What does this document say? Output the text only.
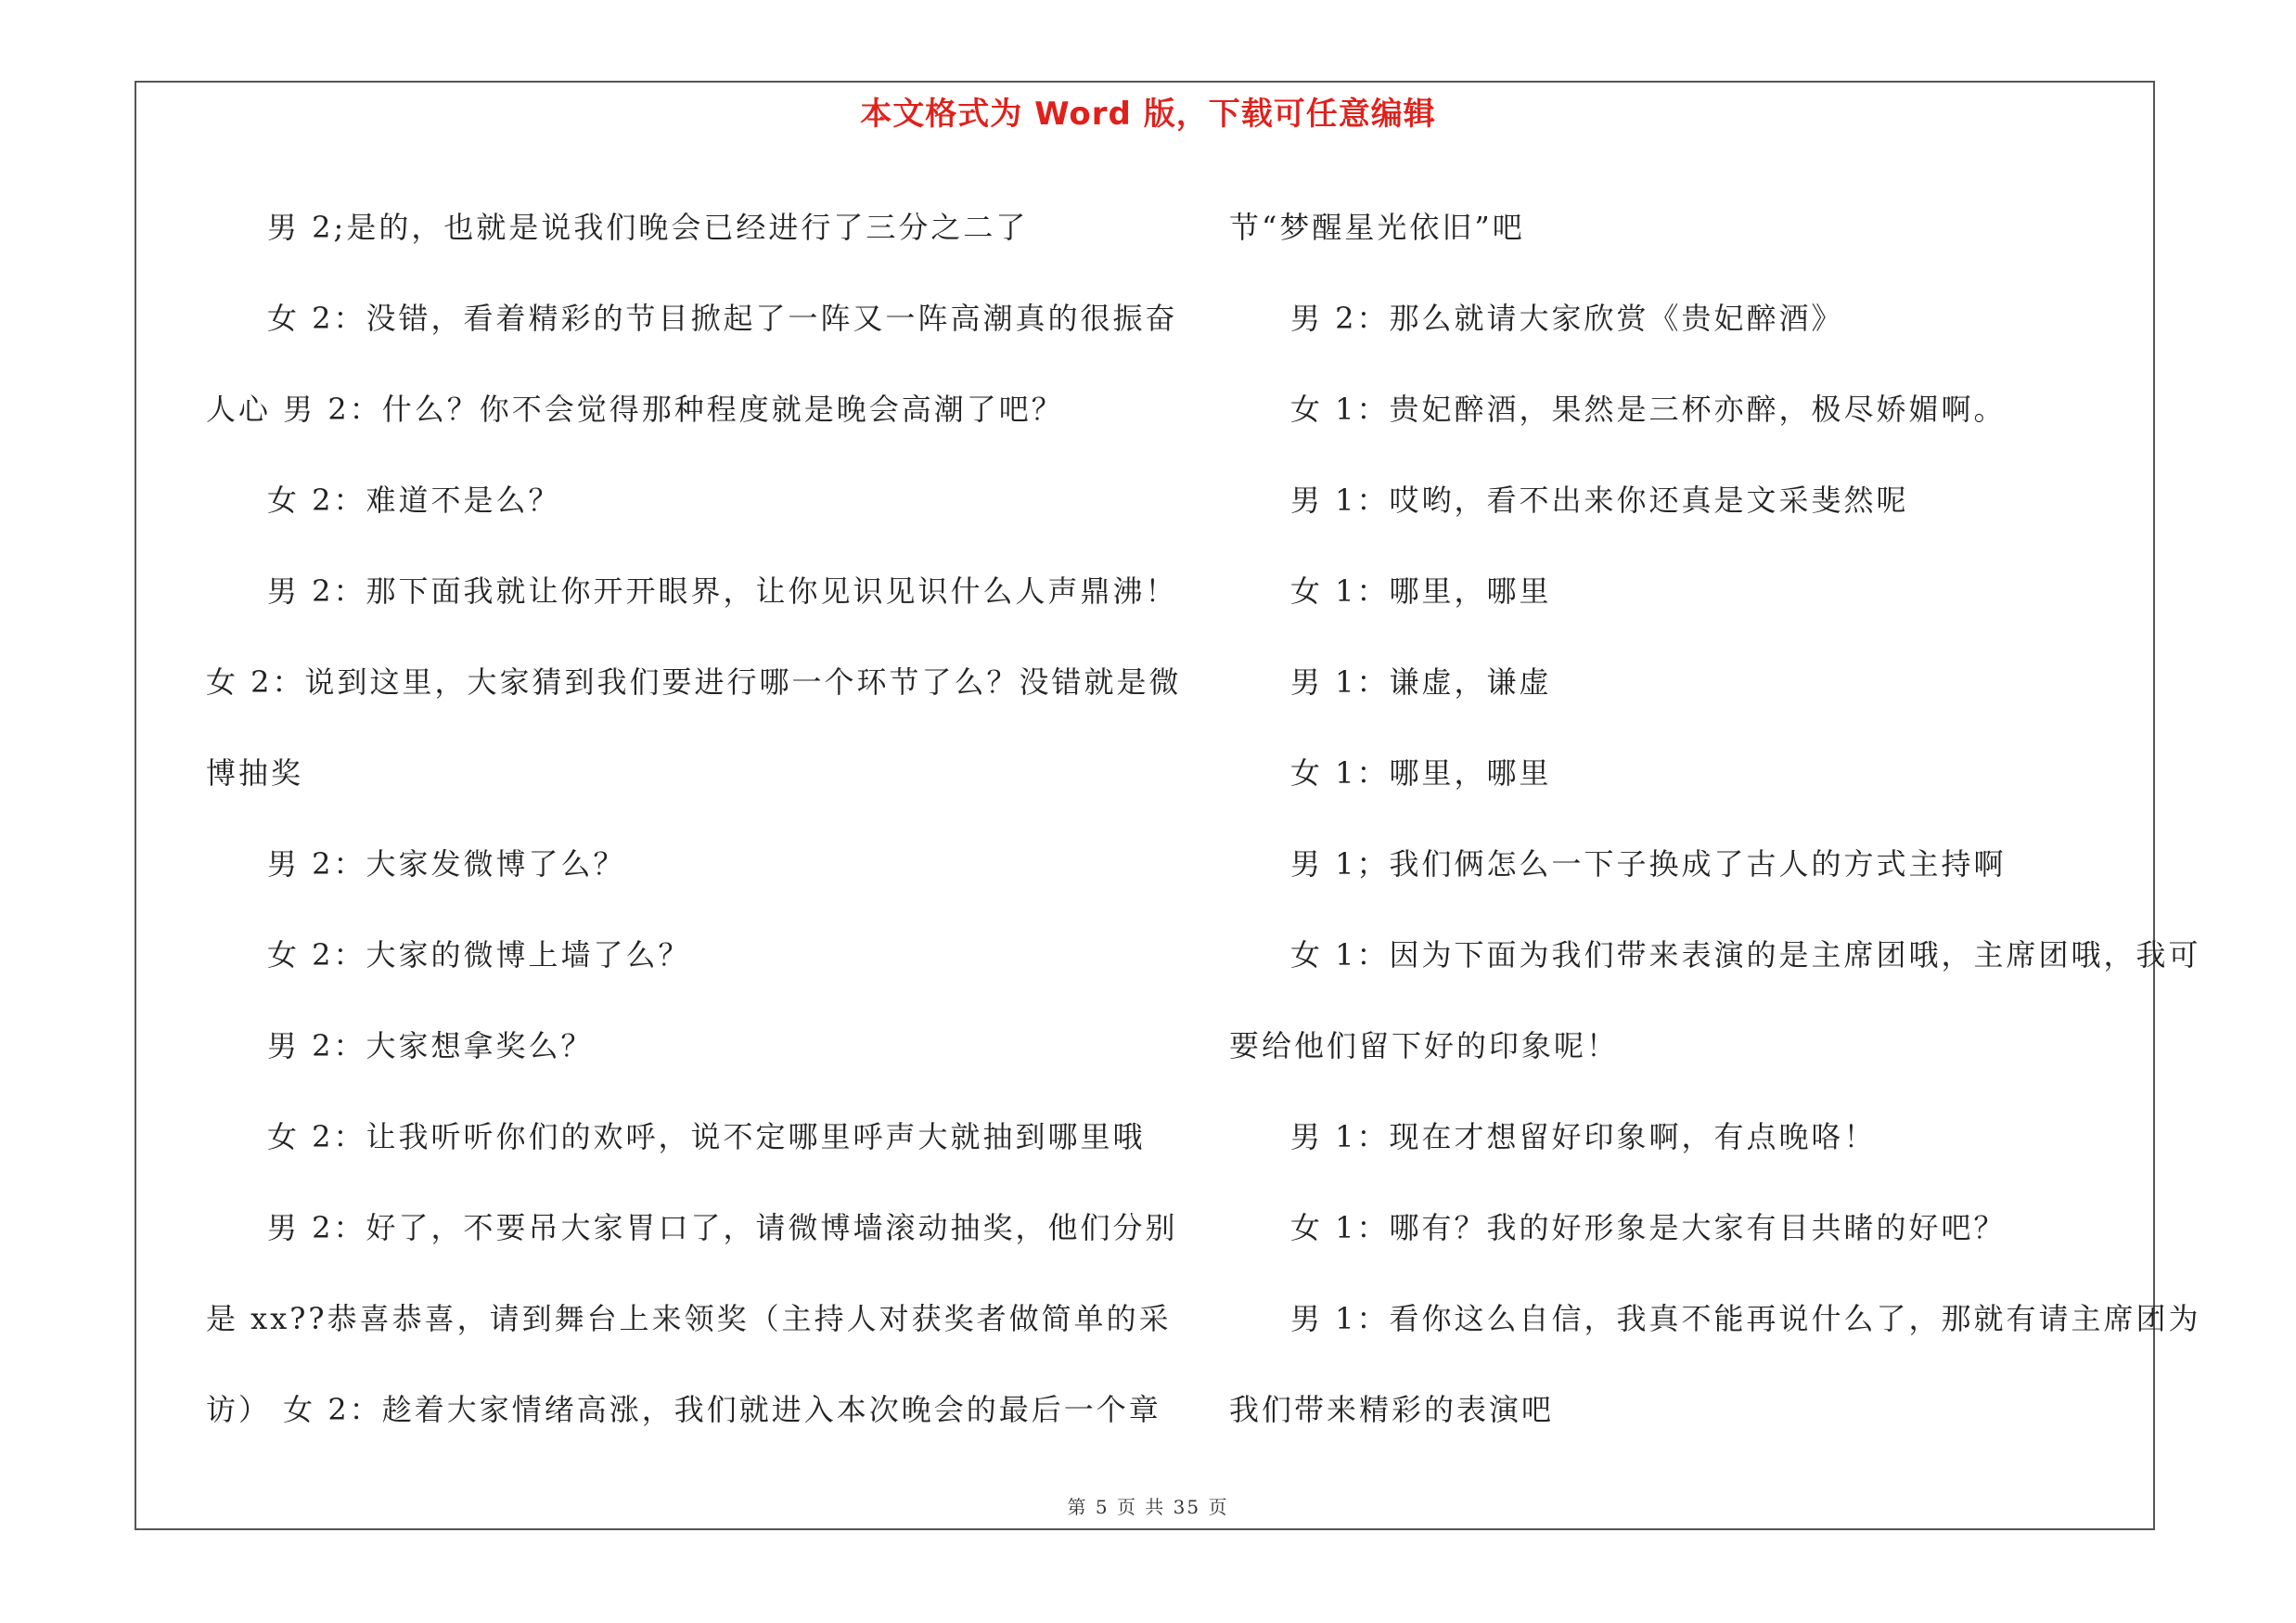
本文格式为 Word 版，下载可任意编辑
男 2;是的，也就是说我们晚会已经进行了三分之二了
女 2：没错，看着精彩的节目掀起了一阵又一阵高潮真的很振奋
人心 男 2：什么？你不会觉得那种程度就是晚会高潮了吧？
女 2：难道不是么？
男 2：那下面我就让你开开眼界，让你见识见识什么人声鼎沸！
女 2：说到这里，大家猜到我们要进行哪一个环节了么？没错就是微
博抽奖
男 2：大家发微博了么？
女 2：大家的微博上墙了么？
男 2：大家想拿奖么？
女 2：让我听听你们的欢呼，说不定哪里呼声大就抽到哪里哦
男 2：好了，不要吊大家胃口了，请微博墙滚动抽奖，他们分别
是 xx??恭喜恭喜，请到舞台上来领奖（主持人对获奖者做简单的采
访） 女 2：趁着大家情绪高涨，我们就进入本次晚会的最后一个章
节“梦醒星光依旧”吧
男 2：那么就请大家欣赏《贵妃醉酒》
女 1：贵妃醉酒，果然是三杯亦醉，极尽娇媚啊。
男 1：哎哟，看不出来你还真是文采斐然呢
女 1：哪里，哪里
男 1：谦虚，谦虚
女 1：哪里，哪里
男 1；我们俩怎么一下子换成了古人的方式主持啊
女 1：因为下面为我们带来表演的是主席团哦，主席团哦，我可
要给他们留下好的印象呢！
男 1：现在才想留好印象啊，有点晚咯！
女 1：哪有？我的好形象是大家有目共睹的好吧？
男 1：看你这么自信，我真不能再说什么了，那就有请主席团为
我们带来精彩的表演吧
第 5 页 共 35 页
